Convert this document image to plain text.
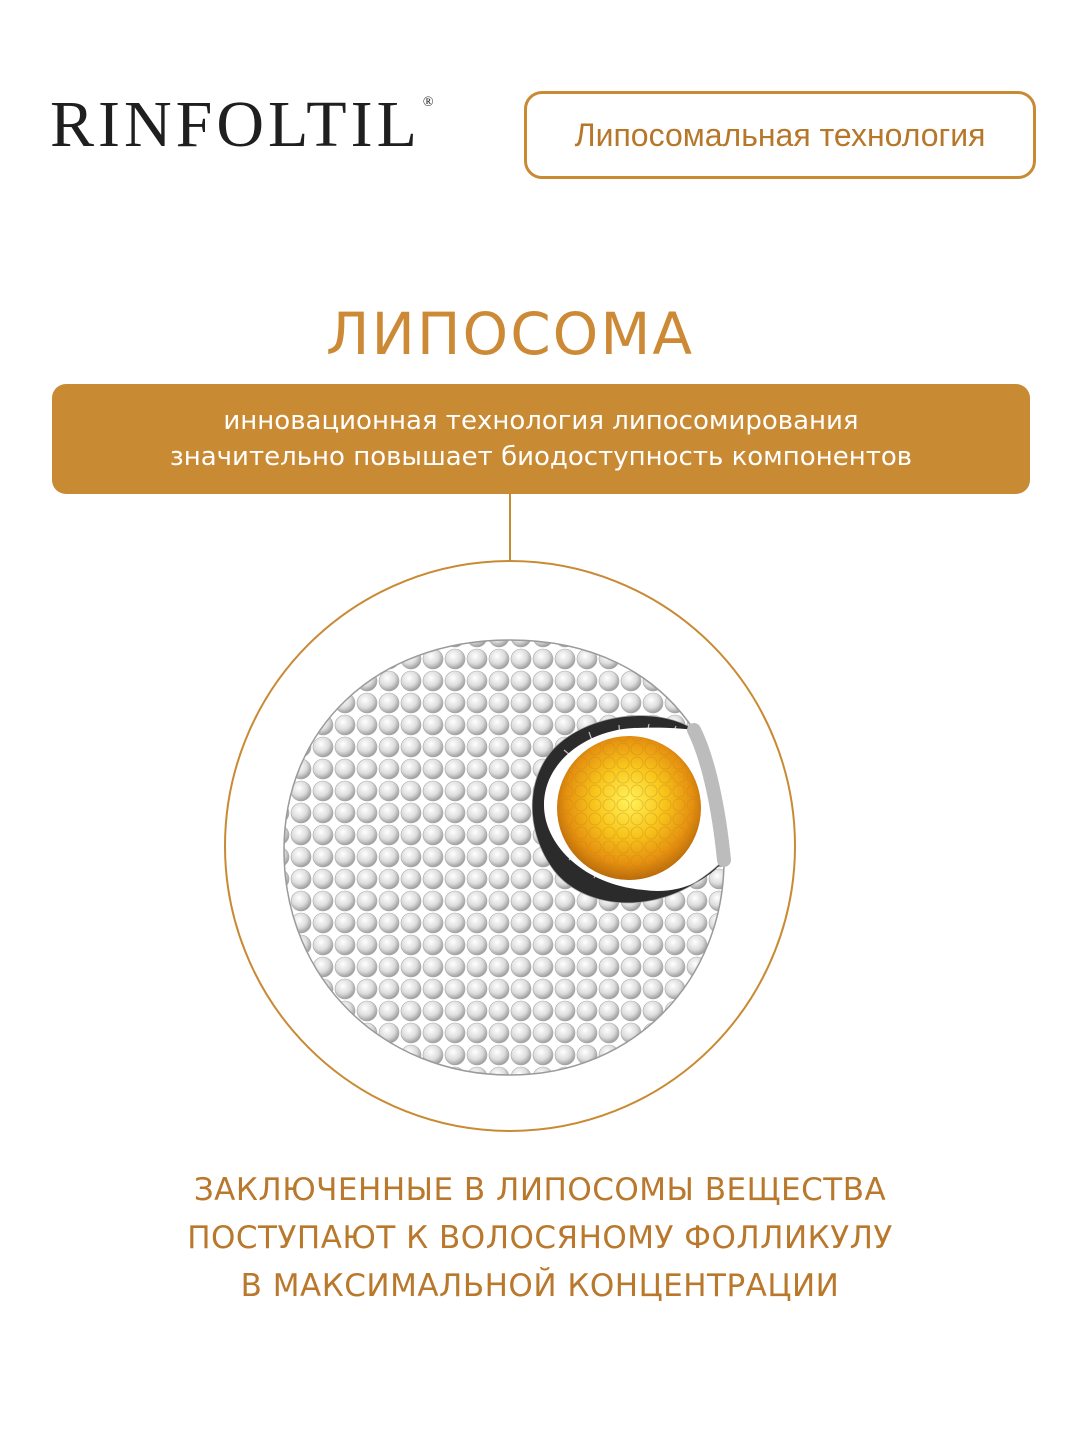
RINFOLTIL ®
Липосомальная технология
ЛИПОСОМА
инновационная технология липосомирования
значительно повышает биодоступность компонентов
ЗАКЛЮЧЕННЫЕ В ЛИПОСОМЫ ВЕЩЕСТВА
ПОСТУПАЮТ К ВОЛОСЯНОМУ ФОЛЛИКУЛУ
В МАКСИМАЛЬНОЙ КОНЦЕНТРАЦИИ
